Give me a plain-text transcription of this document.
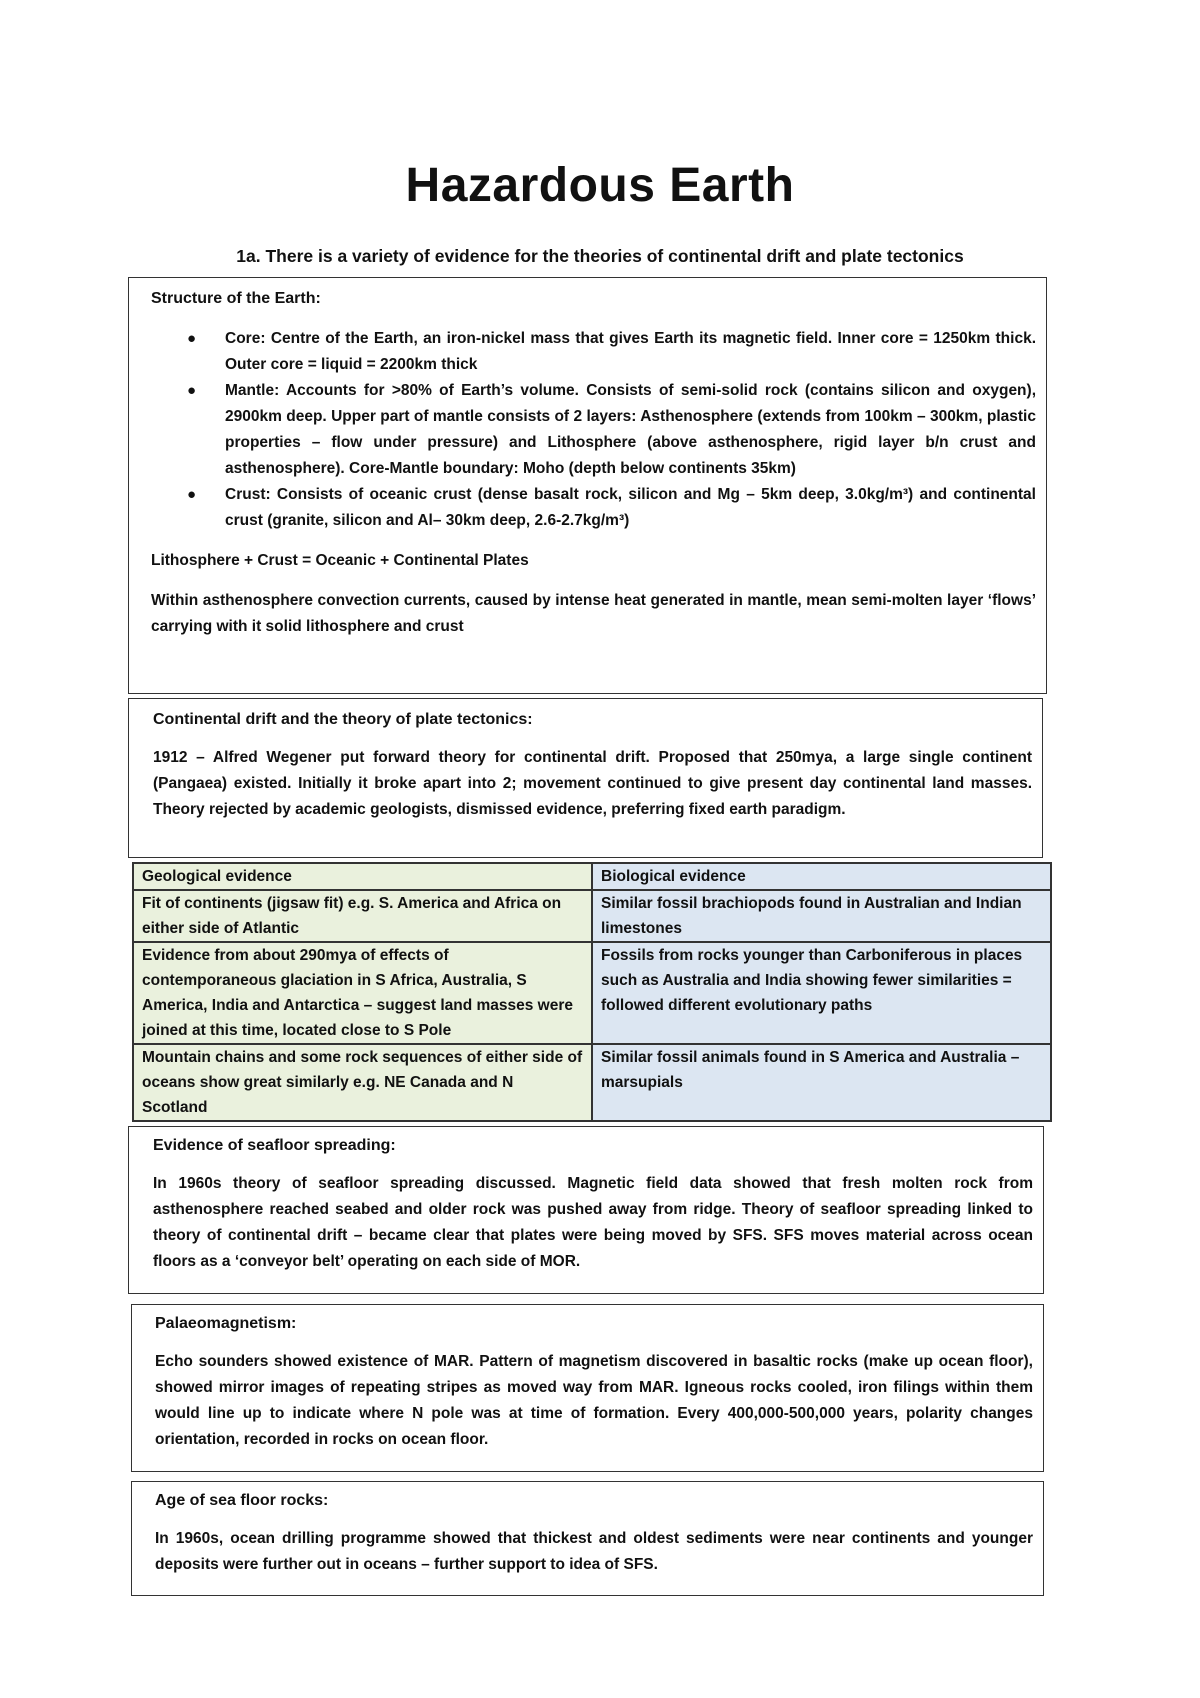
Hazardous Earth

1a. There is a variety of evidence for the theories of continental drift and plate tectonics

Structure of the Earth:

● Core: Centre of the Earth, an iron-nickel mass that gives Earth its magnetic field. Inner core = 1250km thick. Outer core = liquid = 2200km thick
● Mantle: Accounts for >80% of Earth’s volume. Consists of semi-solid rock (contains silicon and oxygen), 2900km deep. Upper part of mantle consists of 2 layers: Asthenosphere (extends from 100km – 300km, plastic properties – flow under pressure) and Lithosphere (above asthenosphere, rigid layer b/n crust and asthenosphere). Core-Mantle boundary: Moho (depth below continents 35km)
● Crust: Consists of oceanic crust (dense basalt rock, silicon and Mg – 5km deep, 3.0kg/m³) and continental crust (granite, silicon and Al– 30km deep, 2.6-2.7kg/m³)

Lithosphere + Crust = Oceanic + Continental Plates

Within asthenosphere convection currents, caused by intense heat generated in mantle, mean semi-molten layer ‘flows’ carrying with it solid lithosphere and crust

Continental drift and the theory of plate tectonics:

1912 – Alfred Wegener put forward theory for continental drift. Proposed that 250mya, a large single continent (Pangaea) existed. Initially it broke apart into 2; movement continued to give present day continental land masses. Theory rejected by academic geologists, dismissed evidence, preferring fixed earth paradigm.

Geological evidence	Biological evidence
Fit of continents (jigsaw fit) e.g. S. America and Africa on either side of Atlantic	Similar fossil brachiopods found in Australian and Indian limestones
Evidence from about 290mya of effects of contemporaneous glaciation in S Africa, Australia, S America, India and Antarctica – suggest land masses were joined at this time, located close to S Pole	Fossils from rocks younger than Carboniferous in places such as Australia and India showing fewer similarities = followed different evolutionary paths
Mountain chains and some rock sequences of either side of oceans show great similarly e.g. NE Canada and N Scotland	Similar fossil animals found in S America and Australia – marsupials

Evidence of seafloor spreading:

In 1960s theory of seafloor spreading discussed. Magnetic field data showed that fresh molten rock from asthenosphere reached seabed and older rock was pushed away from ridge. Theory of seafloor spreading linked to theory of continental drift – became clear that plates were being moved by SFS. SFS moves material across ocean floors as a ‘conveyor belt’ operating on each side of MOR.

Palaeomagnetism:

Echo sounders showed existence of MAR. Pattern of magnetism discovered in basaltic rocks (make up ocean floor), showed mirror images of repeating stripes as moved way from MAR. Igneous rocks cooled, iron filings within them would line up to indicate where N pole was at time of formation. Every 400,000-500,000 years, polarity changes orientation, recorded in rocks on ocean floor.

Age of sea floor rocks:

In 1960s, ocean drilling programme showed that thickest and oldest sediments were near continents and younger deposits were further out in oceans – further support to idea of SFS.
